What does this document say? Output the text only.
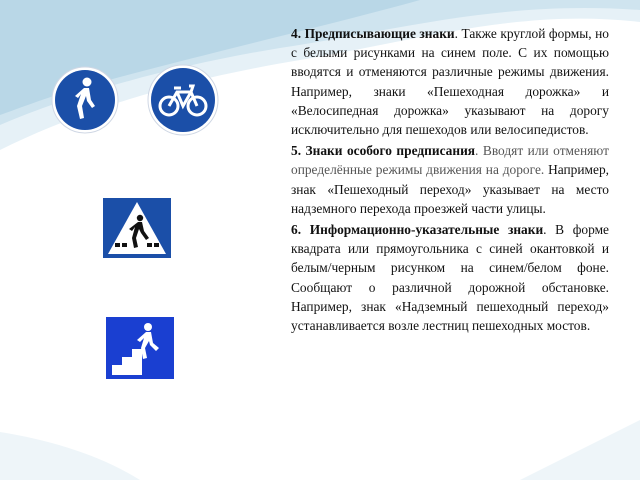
4. Предписывающие знаки. Также круглой формы, но с белыми рисунками на синем поле. С их помощью вводятся и отменяются различные режимы движения. Например, знаки «Пешеходная дорожка» и «Велосипедная дорожка» указывают на дорогу исключительно для пешеходов или велосипедистов.

5. Знаки особого предписания. Вводят или отменяют определённые режимы движения на дороге. Например, знак «Пешеходный переход» указывает на место надземного перехода проезжей части улицы.

6. Информационно-указательные знаки. В форме квадрата или прямоугольника с синей окантовкой и белым/черным рисунком на синем/белом фоне. Сообщают о различной дорожной обстановке. Например, знак «Надземный пешеходный переход» устанавливается возле лестниц пешеходных мостов.
